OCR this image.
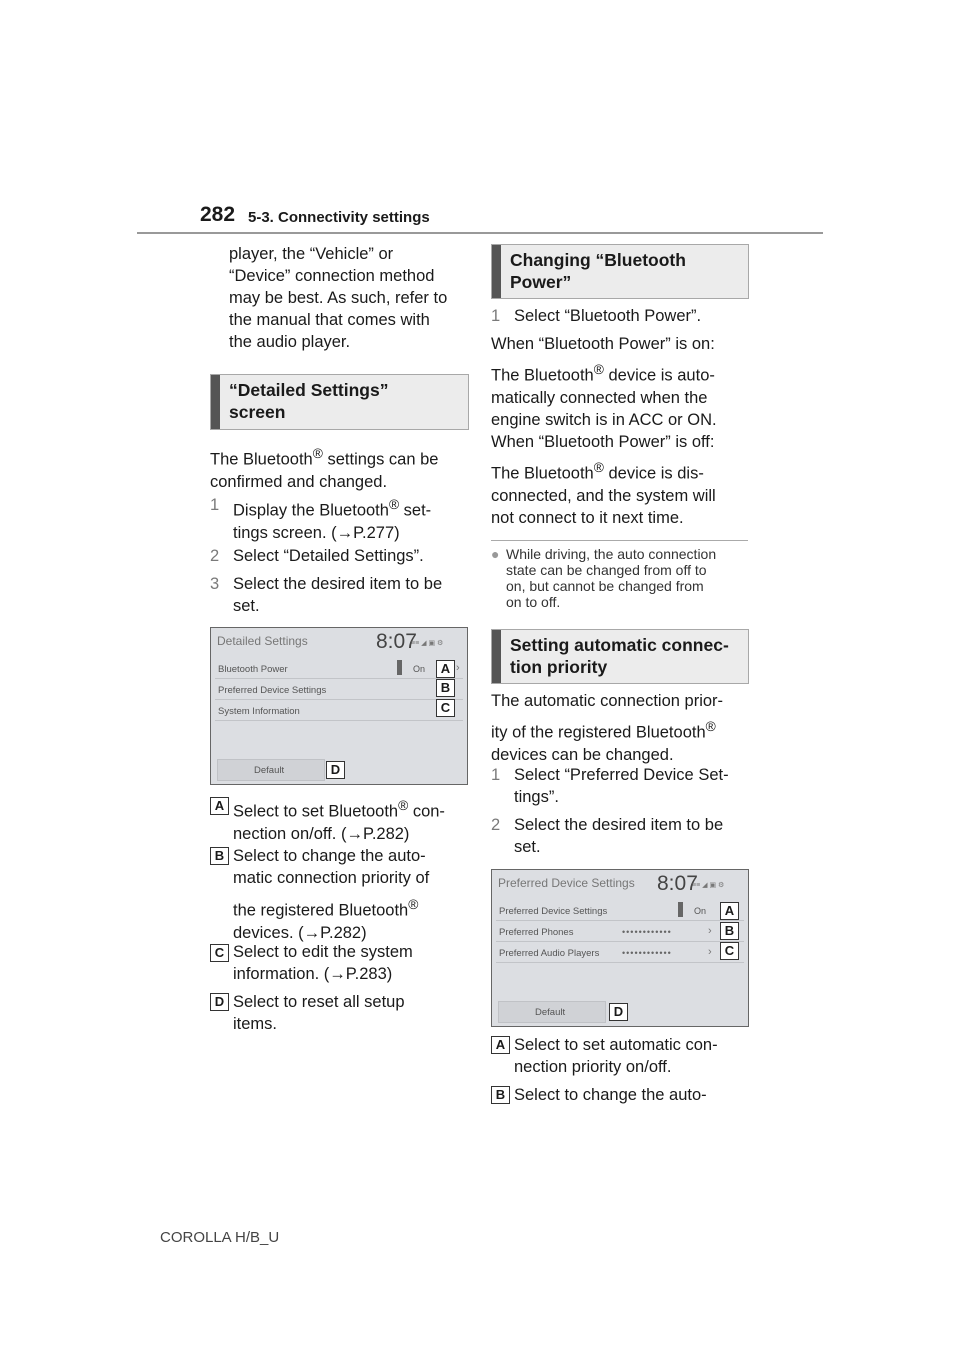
282 5-3. Connectivity settings
player, the “Vehicle” or
“Device” connection method
may be best. As such, refer to
the manual that comes with
the audio player.
“Detailed Settings”
screen
The Bluetooth® settings can be
confirmed and changed.
1 Display the Bluetooth® set-
tings screen. (→P.277)
2 Select “Detailed Settings”.
3 Select the desired item to be
set.
Detailed Settings	8:07
≡≡ ◢ ▣ ⚙
Bluetooth Power	On	›
Preferred Device Settings
System Information
Default
A
B
C
D
A Select to set Bluetooth® con-
nection on/off. (→P.282)
B Select to change the auto-
matic connection priority of
the registered Bluetooth®
devices. (→P.282)
C Select to edit the system
information. (→P.283)
D Select to reset all setup
items.
Changing “Bluetooth
Power”
1 Select “Bluetooth Power”.
When “Bluetooth Power” is on:
The Bluetooth® device is auto-
matically connected when the
engine switch is in ACC or ON.
When “Bluetooth Power” is off:
The Bluetooth® device is dis-
connected, and the system will
not connect to it next time.
● While driving, the auto connection
state can be changed from off to
on, but cannot be changed from
on to off.
Setting automatic connec-
tion priority
The automatic connection prior-
ity of the registered Bluetooth®
devices can be changed.
1 Select “Preferred Device Set-
tings”.
2 Select the desired item to be
set.
Preferred Device Settings 8:07
≡≡ ◢ ▣ ⚙
Preferred Device Settings	On
Preferred Phones	••••••••••••	›
Preferred Audio Players	••••••••••••	›
Default
A
B
C
D
A Select to set automatic con-
nection priority on/off.
B Select to change the auto-
COROLLA H/B_U
